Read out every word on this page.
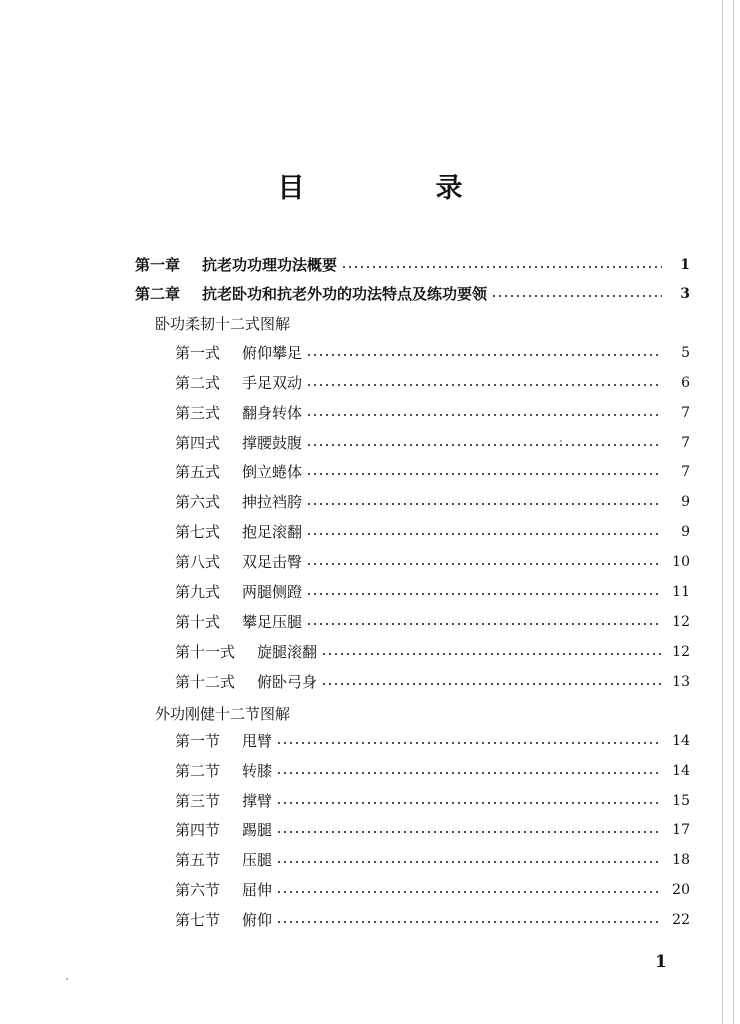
目　录
第一章 抗老功功理功法概要	1
第二章 抗老卧功和抗老外功的功法特点及练功要领	3
卧功柔韧十二式图解
第一式 俯仰攀足	5
第二式 手足双动	6
第三式 翻身转体	7
第四式 撑腰鼓腹	7
第五式 倒立蜷体	7
第六式 抻拉裆胯	9
第七式 抱足滚翻	9
第八式 双足击臀	10
第九式 两腿侧蹬	11
第十式 攀足压腿	12
第十一式 旋腿滚翻	12
第十二式 俯卧弓身	13
外功刚健十二节图解
第一节 甩臂	14
第二节 转膝	14
第三节 撑臂	15
第四节 踢腿	17
第五节 压腿	18
第六节 屈伸	20
第七节 俯仰	22
1
